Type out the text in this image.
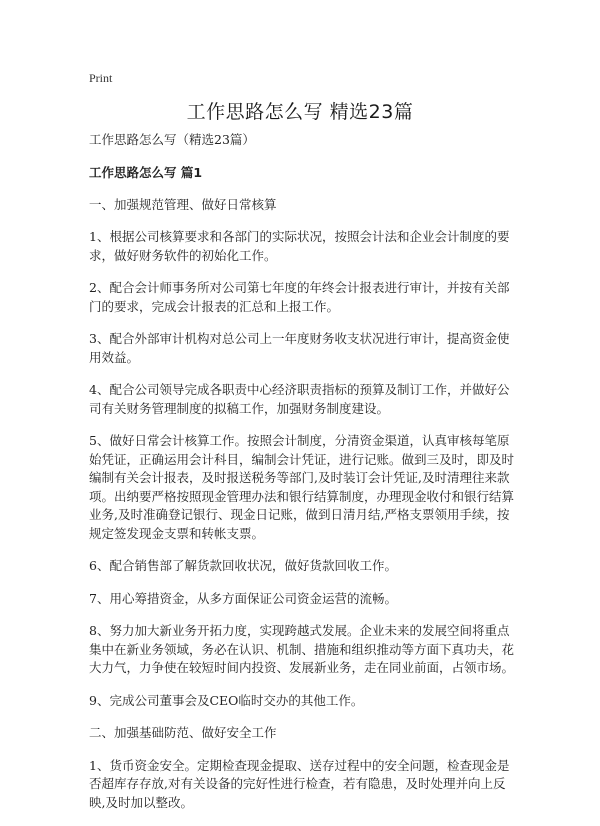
Print
工作思路怎么写 精选23篇

工作思路怎么写（精选23篇）

工作思路怎么写 篇1

一、加强规范管理、做好日常核算

1、根据公司核算要求和各部门的实际状况，按照会计法和企业会计制度的要求，做好财务软件的初始化工作。

2、配合会计师事务所对公司第七年度的年终会计报表进行审计，并按有关部门的要求，完成会计报表的汇总和上报工作。

3、配合外部审计机构对总公司上一年度财务收支状况进行审计，提高资金使用效益。

4、配合公司领导完成各职责中心经济职责指标的预算及制订工作，并做好公司有关财务管理制度的拟稿工作，加强财务制度建设。

5、做好日常会计核算工作。按照会计制度，分清资金渠道，认真审核每笔原始凭证，正确运用会计科目，编制会计凭证，进行记账。做到三及时，即及时编制有关会计报表，及时报送税务等部门,及时装订会计凭证,及时清理往来款项。出纳要严格按照现金管理办法和银行结算制度，办理现金收付和银行结算业务,及时准确登记银行、现金日记账，做到日清月结,严格支票领用手续，按规定签发现金支票和转帐支票。

6、配合销售部了解货款回收状况，做好货款回收工作。

7、用心筹措资金，从多方面保证公司资金运营的流畅。

8、努力加大新业务开拓力度，实现跨越式发展。企业未来的发展空间将重点集中在新业务领域，务必在认识、机制、措施和组织推动等方面下真功夫，花大力气，力争使在较短时间内投资、发展新业务，走在同业前面，占领市场。

9、完成公司董事会及CEO临时交办的其他工作。

二、加强基础防范、做好安全工作

1、货币资金安全。定期检查现金提取、送存过程中的安全问题，检查现金是否超库存存放,对有关设备的完好性进行检查，若有隐患，及时处理并向上反映,及时加以整改。
